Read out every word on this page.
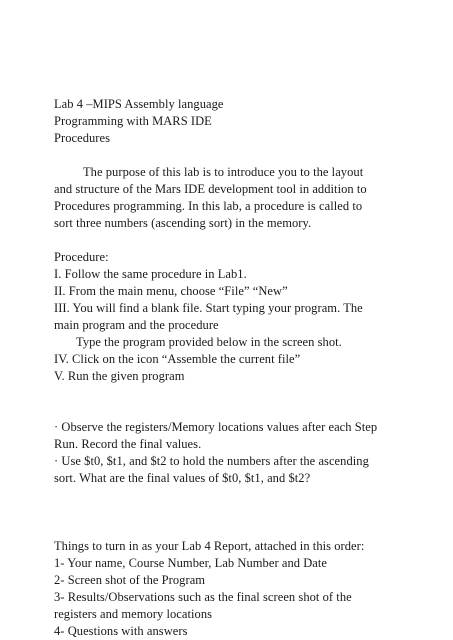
Lab 4 –MIPS Assembly language
Programming with MARS IDE
Procedures
The purpose of this lab is to introduce you to the layout
and structure of the Mars IDE development tool in addition to
Procedures programming. In this lab, a procedure is called to
sort three numbers (ascending sort) in the memory.
Procedure:
I. Follow the same procedure in Lab1.
II. From the main menu, choose “File” “New”
III. You will find a blank file. Start typing your program. The
main program and the procedure
Type the program provided below in the screen shot.
IV. Click on the icon “Assemble the current file”
V. Run the given program
· Observe the registers/Memory locations values after each Step
Run. Record the final values.
· Use $t0, $t1, and $t2 to hold the numbers after the ascending
sort. What are the final values of $t0, $t1, and $t2?
Things to turn in as your Lab 4 Report, attached in this order:
1- Your name, Course Number, Lab Number and Date
2- Screen shot of the Program
3- Results/Observations such as the final screen shot of the
registers and memory locations
4- Questions with answers
